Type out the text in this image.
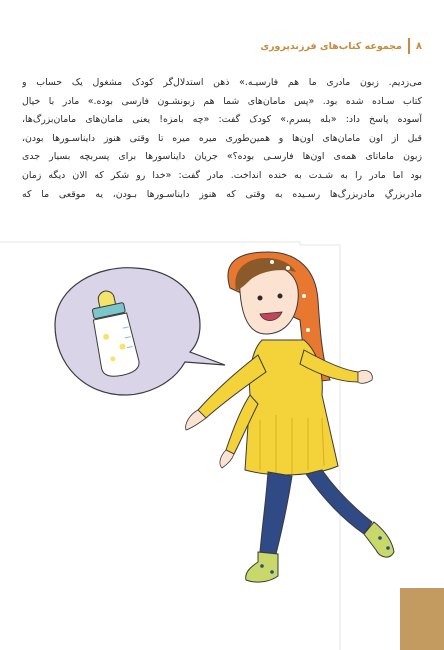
۸
مجموعه کتاب‌های فرزندپروری
می‌زدیم. زبون مادری ما هم فارسیـه.» ذهن استدلال‌گر کودک مشغول یک حساب و
کتاب سـاده شده بود. «پس مامان‌های شما هم زبونشـون فارسی بوده.» مادر با خیال
آسوده پاسخ داد: «بله پسرم.» کودک گفت: «چه بامزه! یعنی مامان‌های مامان‌بزرگ‌ها،
قبل از اون مامان‌های اون‌ها و همین‌طوری میره میره تا وقتی هنوز دایناسـورها بودن،
زبون ماماتای همه‌ی اون‌ها فارسـی بوده؟» جریان دایناسورها برای پسربچه بسیار جدی
بود اما مادر را به شـدت به خنده انداخت. مادر گفت: «خدا رو شکر که الان دیگه زمان
مادربزرگِ مادربزرگ‌ها رسـیده به وقتی که هنوز دایناسـورها بـودن، یه موقعی ما که
